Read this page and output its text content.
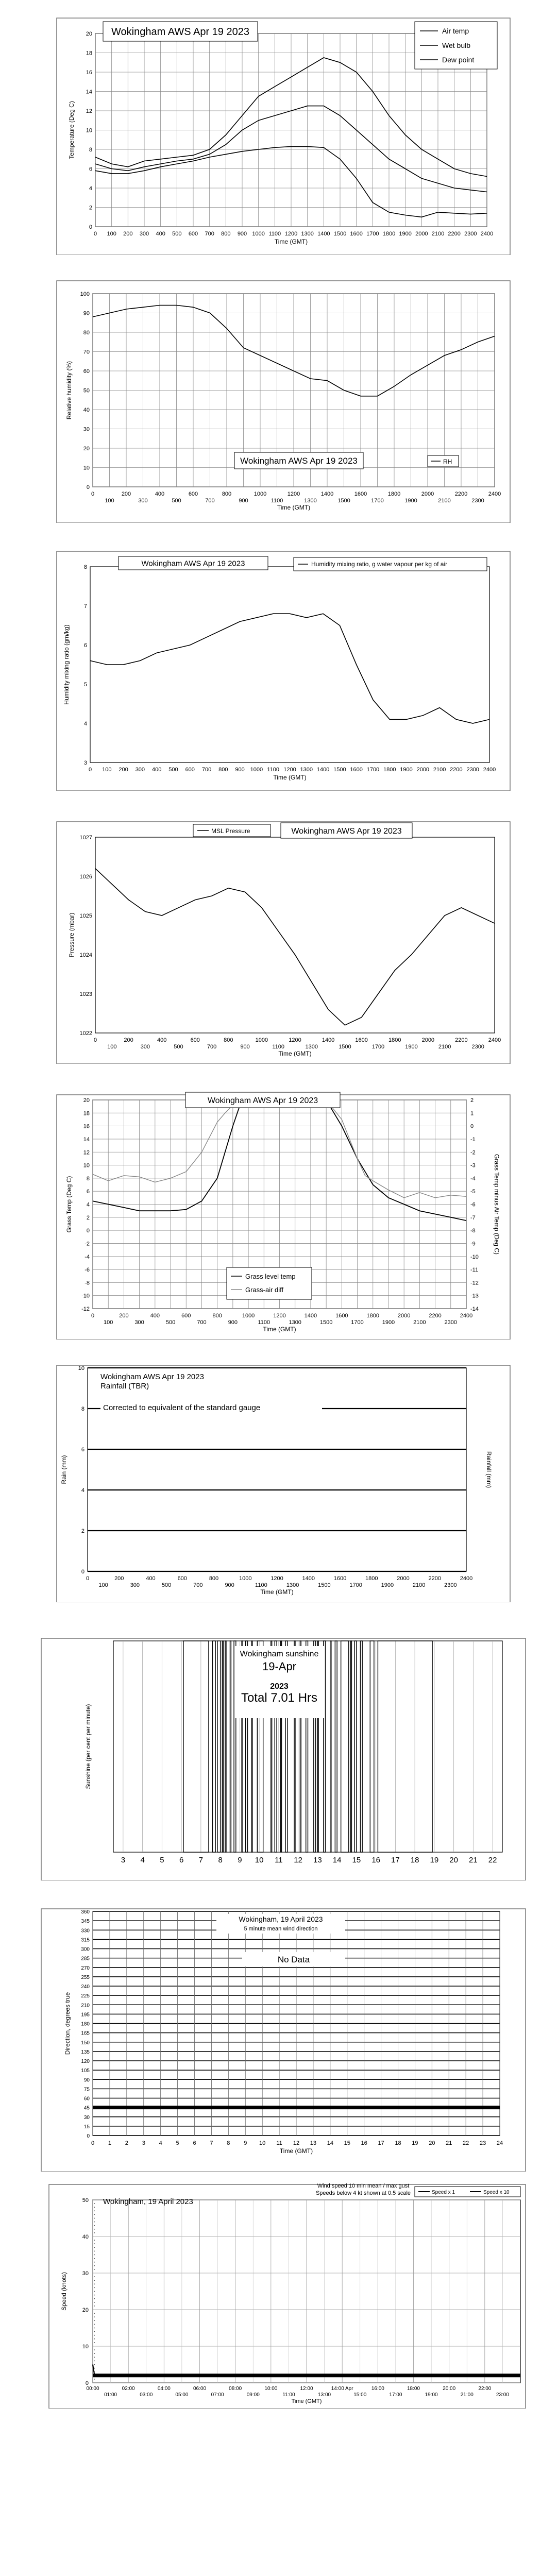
0
2
4
6
8
10
12
14
16
18
20
0 100 200 300 400 500 600 700 800 900 1000 1100 1200 1300 1400 1500 1600 1700 1800 1900 2000 2100 2200 2300 2400
Time (GMT)
Temperature (Deg C)
Wokingham AWS Apr 19 2023	Air temp
Wet bulb
Dew point
0
10
20
30
40
50
60
70
80
90
100
0	200	400	600	800	1000	1200	1400	1600	1800	2000	2200	2400
100	300	500	700	900	1100	1300	1500	1700	1900	2100	2300
Time (GMT)
Relative humidity (%)
Wokingham AWS Apr 19 2023	RH
3
4
5
6
7
8
0 100 200 300 400 500 600 700 800 900 1000 1100 1200 1300 1400 1500 1600 1700 1800 1900 2000 2100 2200 2300 2400
Time (GMT)
Humidity mixing ratio (gm/kg)
Wokingham AWS Apr 19 2023	Humidity mixing ratio, g water vapour per kg of air
1022
1023
1024
1025
1026
1027
0	200	400	600	800	1000	1200	1400	1600	1800	2000	2200	2400
100	300	500	700	900	1100	1300	1500	1700	1900	2100	2300
Time (GMT)
Pressure (mbar)
MSL Pressure	Wokingham AWS Apr 19 2023
20
18
16
14
12
10
8
6
4
2
0
-2
-4
-6
-8
-10
-12
0	200	400	600	800	1000	1200	1400	1600	1800	2000	2200	2400
100	300	500	700	900	1100	1300	1500	1700	1900	2100	2300
Time (GMT)
Grass Temp (Deg C)
2
1
0
-1
-2
-3
-4
-5
-6
-7
-8
-9
-10
-11
-12
-13
-14
Grass Temp minus Air Temp (Deg C)
Wokingham AWS Apr 19 2023
Grass level temp
Grass-air diff
0
2
4
6
8
10
0	200	400	600	800	1000	1200	1400	1600	1800	2000	2200	2400
100	300	500	700	900	1100	1300	1500	1700	1900	2100	2300
Time (GMT)
Rain (mm)	Rainfall (mm)
Wokingham AWS Apr 19 2023
Rainfall (TBR)
Corrected to equivalent of the standard gauge
3 4 5 6 7 8 9 10 11 12 13 14 15 16 17 18 19 20 21 22
Sunshine (per cent per minute)
Wokingham sunshine
19-Apr
2023
Total 7.01 Hrs
0
15
30
45
60
75
90
105
120
135
150
165
180
195
210
225
240
255
270
285
300
315
330
345
360
0 1 2 3 4 5 6 7 8 9 10 11 12 13 14 15 16 17 18 19 20 21 22 23 24
Time (GMT)
Direction, degrees true
Wokingham, 19 April 2023
5 minute mean wind direction
No Data
0
10
20
30
40
50
00:00	02:00	04:00	06:00	08:00	10:00	12:00	14:00 Apr	16:00	18:00	20:00	22:00
01:00	03:00	05:00	07:00	09:00	11:00	13:00	15:00	17:00	19:00	21:00	23:00
Time (GMT)
Speed (knots)
Wokingham, 19 April 2023
Wind speed 10 min mean / max gust
Speeds below 4 kt shown at 0.5 scale	Speed x 1	Speed x 10
